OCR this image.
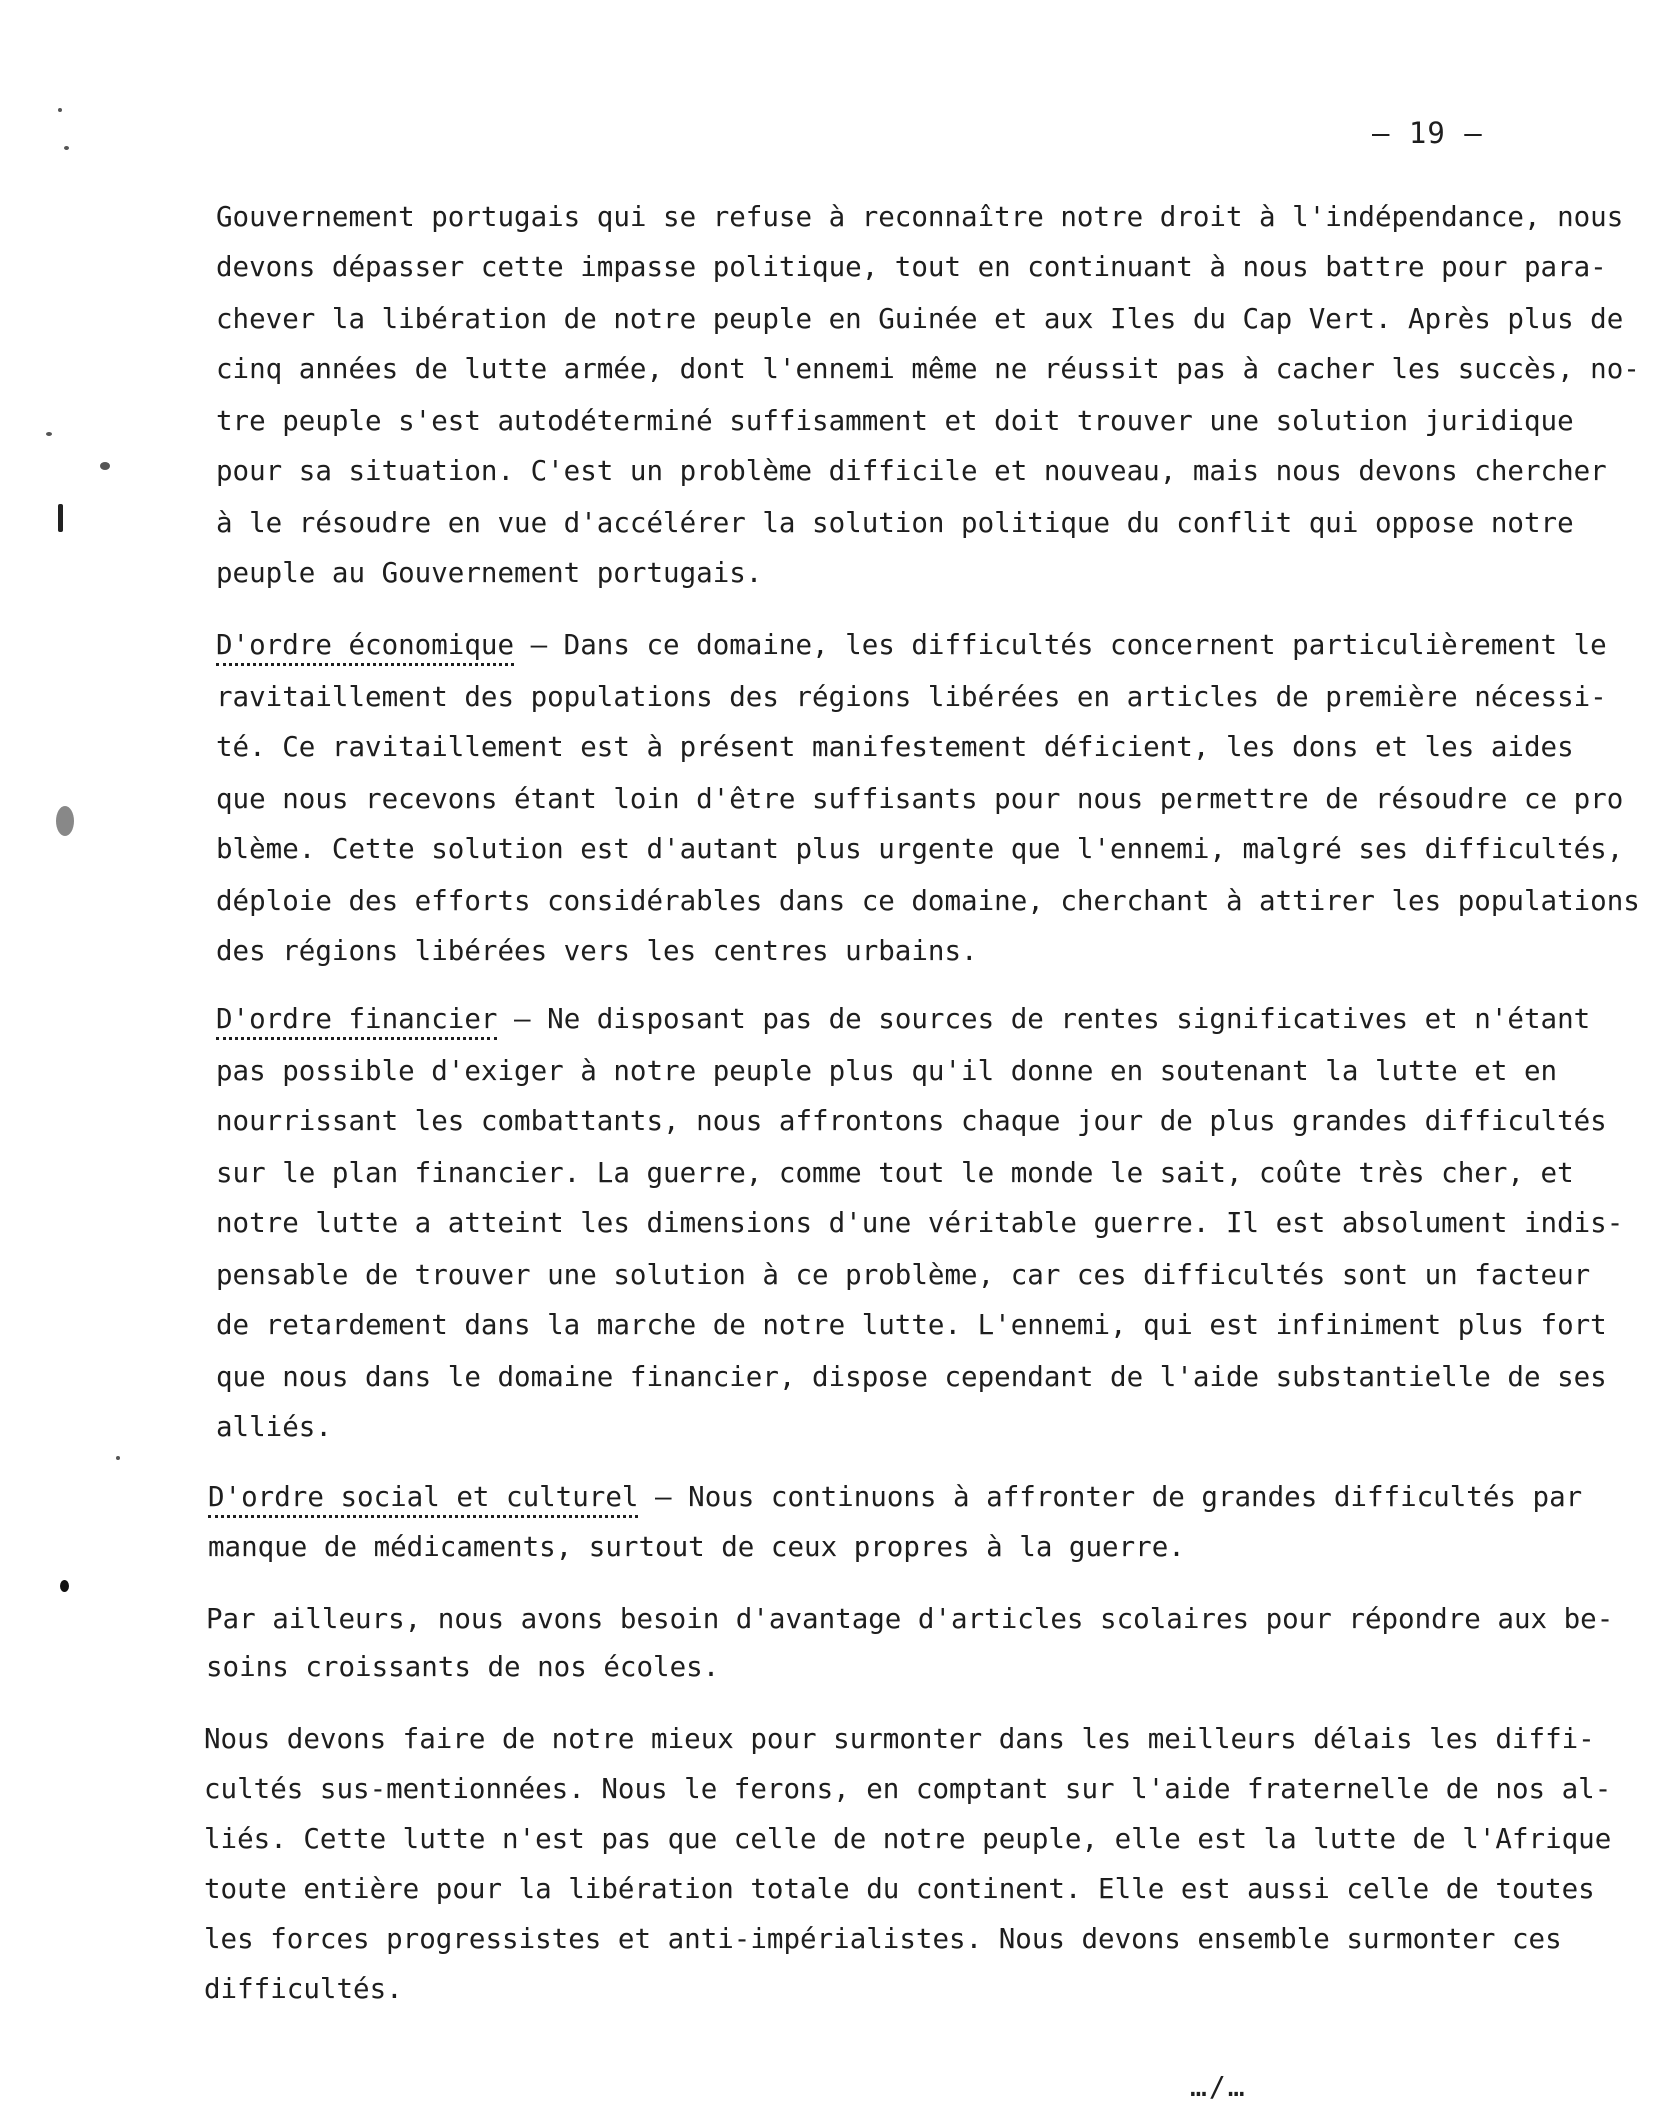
– 19 –
Gouvernement portugais qui se refuse à reconnaître notre droit à l'indépendance, nous
devons dépasser cette impasse politique, tout en continuant à nous battre pour para-
chever la libération de notre peuple en Guinée et aux Iles du Cap Vert. Après plus de
cinq années de lutte armée, dont l'ennemi même ne réussit pas à cacher les succès, no-
tre peuple s'est autodéterminé suffisamment et doit trouver une solution juridique
pour sa situation. C'est un problème difficile et nouveau, mais nous devons chercher
à le résoudre en vue d'accélérer la solution politique du conflit qui oppose notre
peuple au Gouvernement portugais.
D'ordre économique – Dans ce domaine, les difficultés concernent particulièrement le
ravitaillement des populations des régions libérées en articles de première nécessi-
té. Ce ravitaillement est à présent manifestement déficient, les dons et les aides
que nous recevons étant loin d'être suffisants pour nous permettre de résoudre ce pro
blème. Cette solution est d'autant plus urgente que l'ennemi, malgré ses difficultés,
déploie des efforts considérables dans ce domaine, cherchant à attirer les populations
des régions libérées vers les centres urbains.
D'ordre financier – Ne disposant pas de sources de rentes significatives et n'étant
pas possible d'exiger à notre peuple plus qu'il donne en soutenant la lutte et en
nourrissant les combattants, nous affrontons chaque jour de plus grandes difficultés
sur le plan financier. La guerre, comme tout le monde le sait, coûte très cher, et
notre lutte a atteint les dimensions d'une véritable guerre. Il est absolument indis-
pensable de trouver une solution à ce problème, car ces difficultés sont un facteur
de retardement dans la marche de notre lutte. L'ennemi, qui est infiniment plus fort
que nous dans le domaine financier, dispose cependant de l'aide substantielle de ses
alliés.
D'ordre social et culturel – Nous continuons à affronter de grandes difficultés par
manque de médicaments, surtout de ceux propres à la guerre.
Par ailleurs, nous avons besoin d'avantage d'articles scolaires pour répondre aux be-
soins croissants de nos écoles.
Nous devons faire de notre mieux pour surmonter dans les meilleurs délais les diffi-
cultés sus-mentionnées. Nous le ferons, en comptant sur l'aide fraternelle de nos al-
liés. Cette lutte n'est pas que celle de notre peuple, elle est la lutte de l'Afrique
toute entière pour la libération totale du continent. Elle est aussi celle de toutes
les forces progressistes et anti-impérialistes. Nous devons ensemble surmonter ces
difficultés.
…/…
